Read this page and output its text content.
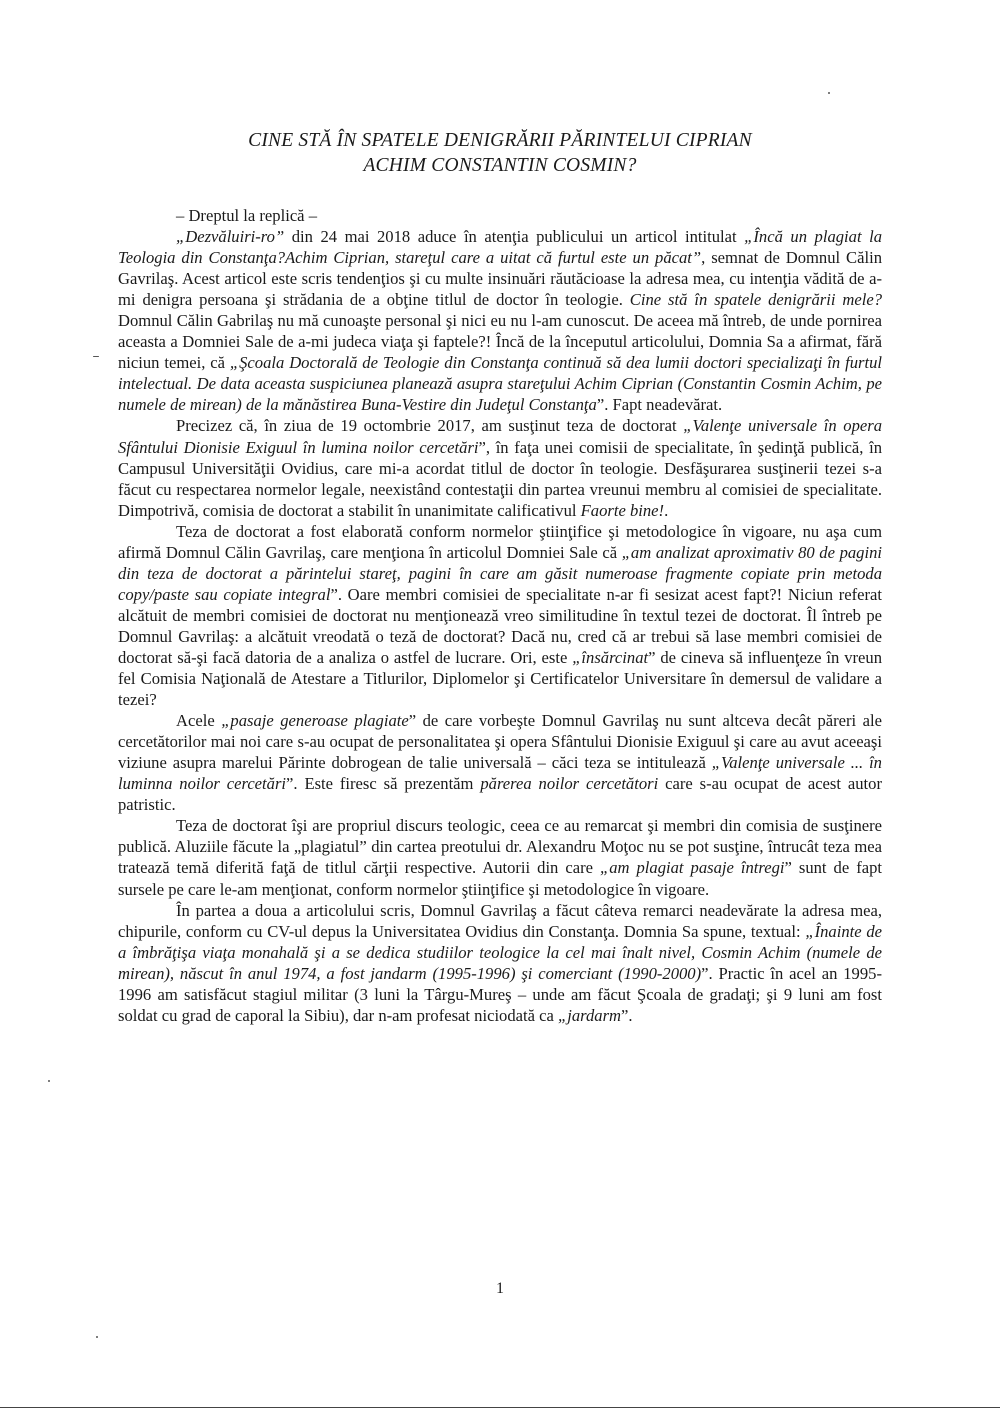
CINE STĂ ÎN SPATELE DENIGRĂRII PĂRINTELUI CIPRIAN
ACHIM CONSTANTIN COSMIN?

– Dreptul la replică –

„Dezvăluiri-ro” din 24 mai 2018 aduce în atenţia publicului un articol intitulat „Încă un plagiat la Teologia din Constanţa?Achim Ciprian, stareţul care a uitat că furtul este un păcat”, semnat de Domnul Călin Gavrilaş. Acest articol este scris tendenţios şi cu multe insinuări răutăcioase la adresa mea, cu intenţia vădită de a-mi denigra persoana şi strădania de a obţine titlul de doctor în teologie. Cine stă în spatele denigrării mele? Domnul Călin Gabrilaş nu mă cunoaşte personal şi nici eu nu l-am cunoscut. De aceea mă întreb, de unde pornirea aceasta a Domniei Sale de a-mi judeca viaţa şi faptele?! Încă de la începutul articolului, Domnia Sa a afirmat, fără niciun temei, că „Şcoala Doctorală de Teologie din Constanţa continuă să dea lumii doctori specializaţi în furtul intelectual. De data aceasta suspiciunea planează asupra stareţului Achim Ciprian (Constantin Cosmin Achim, pe numele de mirean) de la mănăstirea Buna-Vestire din Judeţul Constanţa”. Fapt neadevărat.

Precizez că, în ziua de 19 octombrie 2017, am susţinut teza de doctorat „Valenţe universale în opera Sfântului Dionisie Exiguul în lumina noilor cercetări”, în faţa unei comisii de specialitate, în şedinţă publică, în Campusul Universităţii Ovidius, care mi-a acordat titlul de doctor în teologie. Desfăşurarea susţinerii tezei s-a făcut cu respectarea normelor legale, neexistând contestaţii din partea vreunui membru al comisiei de specialitate. Dimpotrivă, comisia de doctorat a stabilit în unanimitate calificativul Faorte bine!.

Teza de doctorat a fost elaborată conform normelor ştiinţifice şi metodologice în vigoare, nu aşa cum afirmă Domnul Călin Gavrilaş, care menţiona în articolul Domniei Sale că „am analizat aproximativ 80 de pagini din teza de doctorat a părintelui stareţ, pagini în care am găsit numeroase fragmente copiate prin metoda copy/paste sau copiate integral”. Oare membri comisiei de specialitate n-ar fi sesizat acest fapt?! Niciun referat alcătuit de membri comisiei de doctorat nu menţionează vreo similitudine în textul tezei de doctorat. Îl întreb pe Domnul Gavrilaş: a alcătuit vreodată o teză de doctorat? Dacă nu, cred că ar trebui să lase membri comisiei de doctorat să-şi facă datoria de a analiza o astfel de lucrare. Ori, este „însărcinat” de cineva să influenţeze în vreun fel Comisia Naţională de Atestare a Titlurilor, Diplomelor şi Certificatelor Universitare în demersul de validare a tezei?

Acele „pasaje generoase plagiate” de care vorbeşte Domnul Gavrilaş nu sunt altceva decât păreri ale cercetătorilor mai noi care s-au ocupat de personalitatea şi opera Sfântului Dionisie Exiguul şi care au avut aceeaşi viziune asupra marelui Părinte dobrogean de talie universală – căci teza se intitulează „Valenţe universale ... în luminna noilor cercetări”. Este firesc să prezentăm părerea noilor cercetători care s-au ocupat de acest autor patristic.

Teza de doctorat îşi are propriul discurs teologic, ceea ce au remarcat şi membri din comisia de susţinere publică. Aluziile făcute la „plagiatul” din cartea preotului dr. Alexandru Moţoc nu se pot susţine, întrucât teza mea tratează temă diferită faţă de titlul cărţii respective. Autorii din care „am plagiat pasaje întregi” sunt de fapt sursele pe care le-am menţionat, conform normelor ştiinţifice şi metodologice în vigoare.

În partea a doua a articolului scris, Domnul Gavrilaş a făcut câteva remarci neadevărate la adresa mea, chipurile, conform cu CV-ul depus la Universitatea Ovidius din Constanţa. Domnia Sa spune, textual: „Înainte de a îmbrăţişa viaţa monahală şi a se dedica studiilor teologice la cel mai înalt nivel, Cosmin Achim (numele de mirean), născut în anul 1974, a fost jandarm (1995-1996) şi comerciant (1990-2000)”. Practic în acel an 1995-1996 am satisfăcut stagiul militar (3 luni la Târgu-Mureş – unde am făcut Şcoala de gradaţi; şi 9 luni am fost soldat cu grad de caporal la Sibiu), dar n-am profesat niciodată ca „jardarm”.

1
